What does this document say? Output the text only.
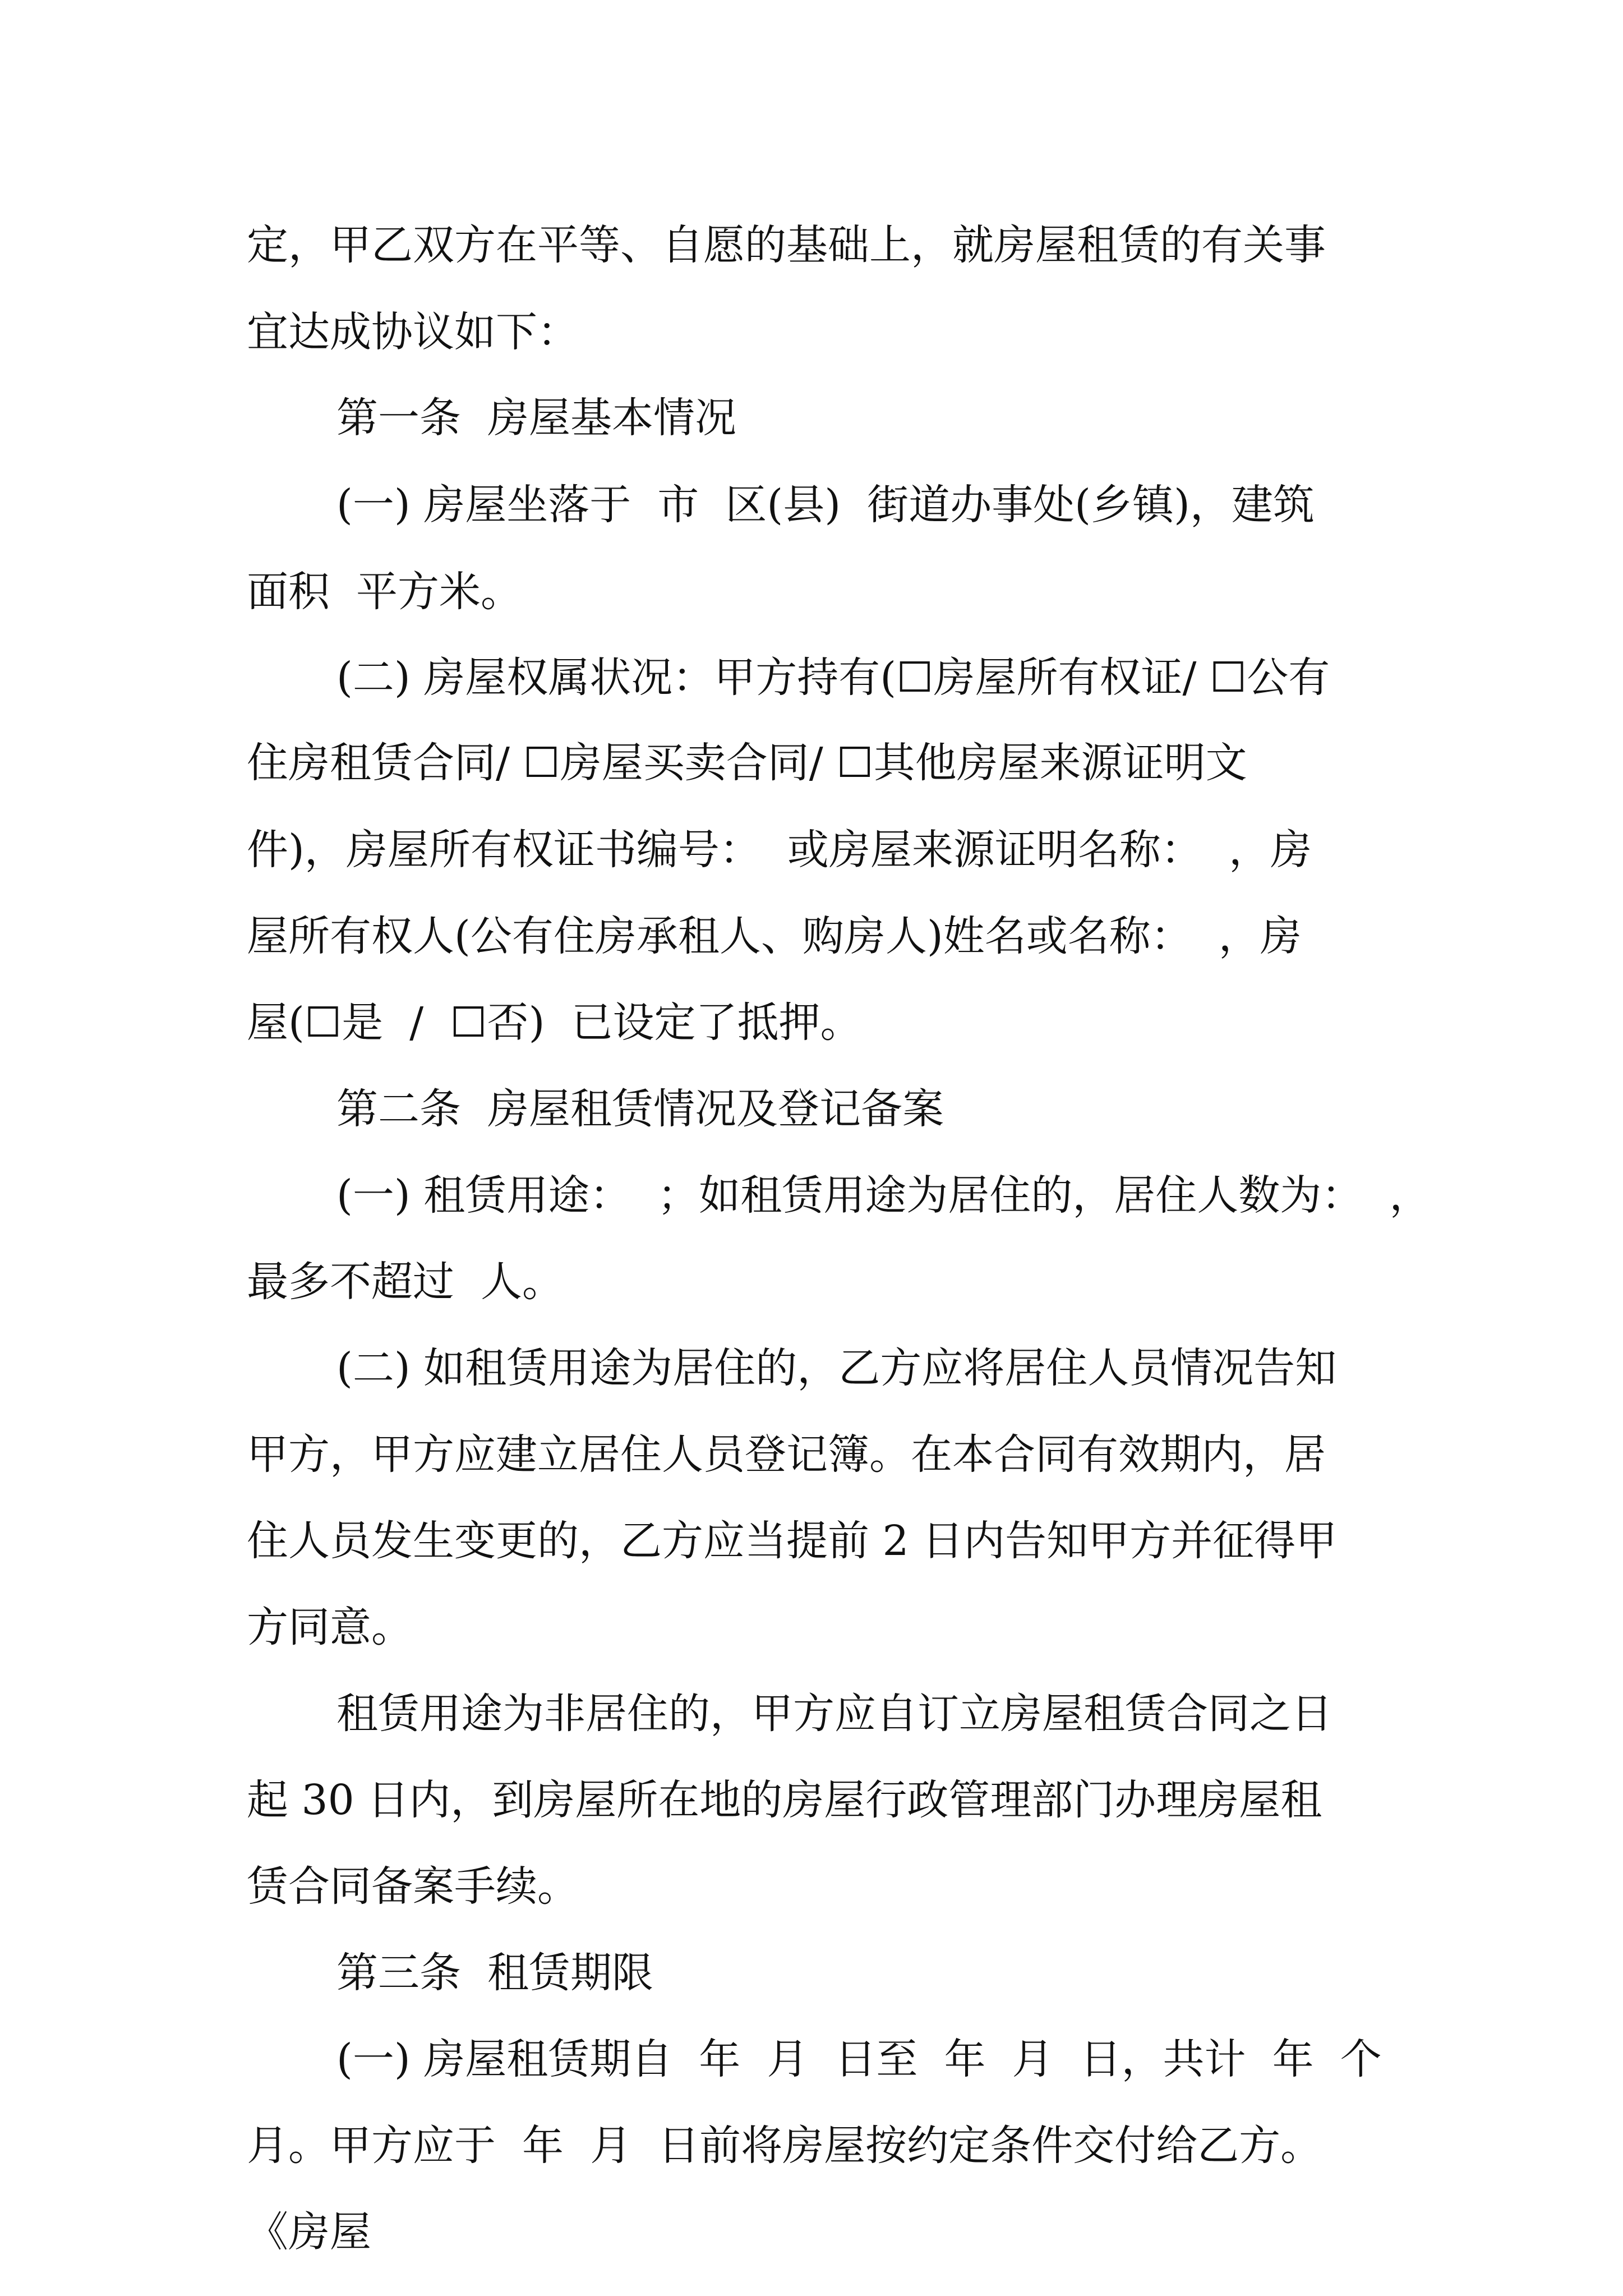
定，甲乙双方在平等、自愿的基础上，就房屋租赁的有关事
宜达成协议如下：
第一条  房屋基本情况
(一) 房屋坐落于  市  区(县)  街道办事处(乡镇)，建筑
面积  平方米。
(二) 房屋权属状况：甲方持有(☐房屋所有权证/ ☐公有
住房租赁合同/ ☐房屋买卖合同/ ☐其他房屋来源证明文
件)，房屋所有权证书编号：  或房屋来源证明名称：  ，房
屋所有权人(公有住房承租人、购房人)姓名或名称：  ，房
屋(☐是  /  ☐否)  已设定了抵押。
第二条  房屋租赁情况及登记备案
(一) 租赁用途：  ；如租赁用途为居住的，居住人数为：  ，
最多不超过  人。
(二) 如租赁用途为居住的，乙方应将居住人员情况告知
甲方，甲方应建立居住人员登记簿。在本合同有效期内，居
住人员发生变更的，乙方应当提前 2 日内告知甲方并征得甲
方同意。
租赁用途为非居住的，甲方应自订立房屋租赁合同之日
起 30 日内，到房屋所在地的房屋行政管理部门办理房屋租
赁合同备案手续。
第三条  租赁期限
(一) 房屋租赁期自  年  月  日至  年  月  日，共计  年  个
月。甲方应于  年  月  日前将房屋按约定条件交付给乙方。
《房屋
